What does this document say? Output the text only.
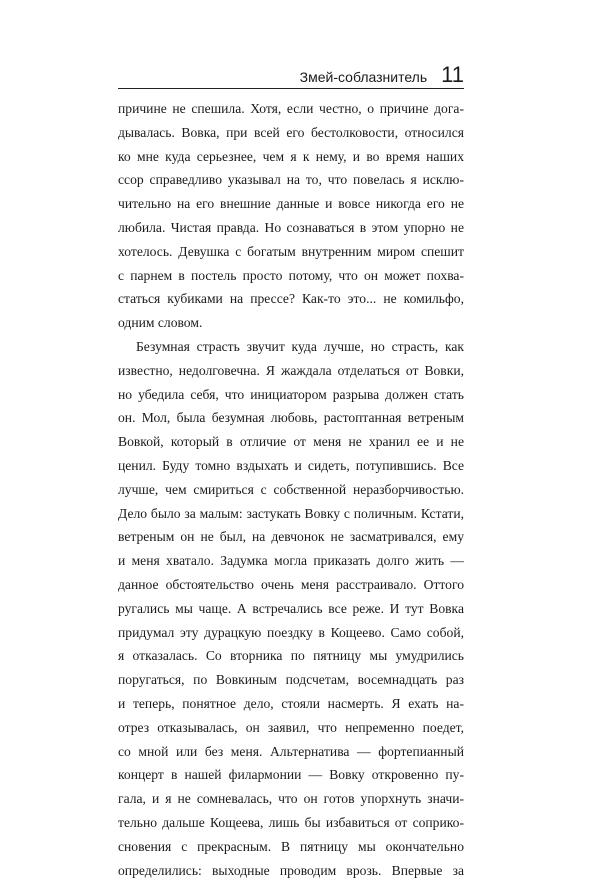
Змей-соблазнитель 11
причине не спешила. Хотя, если честно, о причине дога-
дывалась. Вовка, при всей его бестолковости, относился
ко мне куда серьезнее, чем я к нему, и во время наших
ссор справедливо указывал на то, что повелась я исклю-
чительно на его внешние данные и вовсе никогда его не
любила. Чистая правда. Но сознаваться в этом упорно не
хотелось. Девушка с богатым внутренним миром спешит
с парнем в постель просто потому, что он может похва-
статься кубиками на прессе? Как-то это... не комильфо,
одним словом.
Безумная страсть звучит куда лучше, но страсть, как
известно, недолговечна. Я жаждала отделаться от Вовки,
но убедила себя, что инициатором разрыва должен стать
он. Мол, была безумная любовь, растоптанная ветреным
Вовкой, который в отличие от меня не хранил ее и не
ценил. Буду томно вздыхать и сидеть, потупившись. Все
лучше, чем смириться с собственной неразборчивостью.
Дело было за малым: застукать Вовку с поличным. Кстати,
ветреным он не был, на девчонок не засматривался, ему
и меня хватало. Задумка могла приказать долго жить —
данное обстоятельство очень меня расстраивало. Оттого
ругались мы чаще. А встречались все реже. И тут Вовка
придумал эту дурацкую поездку в Кощеево. Само собой,
я отказалась. Со вторника по пятницу мы умудрились
поругаться, по Вовкиным подсчетам, восемнадцать раз
и теперь, понятное дело, стояли насмерть. Я ехать на-
отрез отказывалась, он заявил, что непременно поедет,
со мной или без меня. Альтернатива — фортепианный
концерт в нашей филармонии — Вовку откровенно пу-
гала, и я не сомневалась, что он готов упорхнуть значи-
тельно дальше Кощеева, лишь бы избавиться от соприко-
сновения с прекрасным. В пятницу мы окончательно
определились: выходные проводим врозь. Впервые за
